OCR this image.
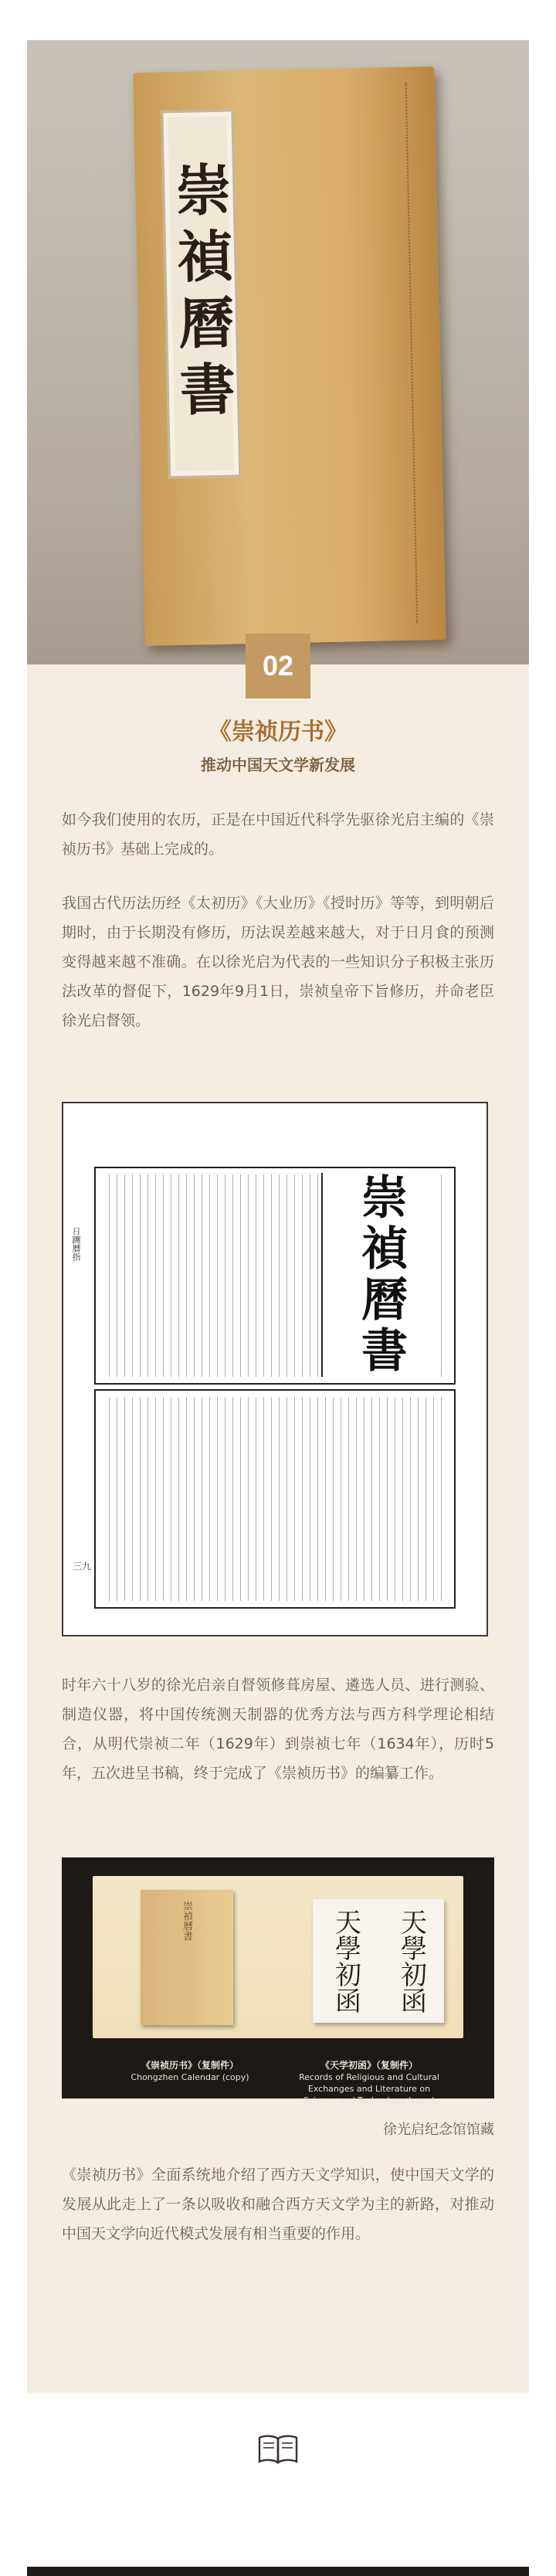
崇
禎
曆
書
02
《崇祯历书》
推动中国天文学新发展

如今我们使用的农历，正是在中国近代科学先驱徐光启主编的《崇祯历书》基础上完成的。

我国古代历法历经《太初历》《大业历》《授时历》等等，到明朝后期时，由于长期没有修历，历法误差越来越大，对于日月食的预测变得越来越不准确。在以徐光启为代表的一些知识分子积极主张历法改革的督促下，1629年9月1日，崇祯皇帝下旨修历，并命老臣徐光启督领。

崇
禎
曆
書
日躔曆指
三九

时年六十八岁的徐光启亲自督领修葺房屋、遴选人员、进行测验、制造仪器，将中国传统测天制器的优秀方法与西方科学理论相结合，从明代崇祯二年（1629年）到崇祯七年（1634年），历时5年，五次进呈书稿，终于完成了《崇祯历书》的编纂工作。

崇禎曆書	天學初函 天學初函
《崇祯历书》（复制件）
Chongzhen Calendar (copy)
《天学初函》（复制件）
Records of Religious and Cultural Exchanges and Literature on Science and Technology (copy)

徐光启纪念馆馆藏

《崇祯历书》全面系统地介绍了西方天文学知识，使中国天文学的发展从此走上了一条以吸收和融合西方天文学为主的新路，对推动中国天文学向近代模式发展有相当重要的作用。
